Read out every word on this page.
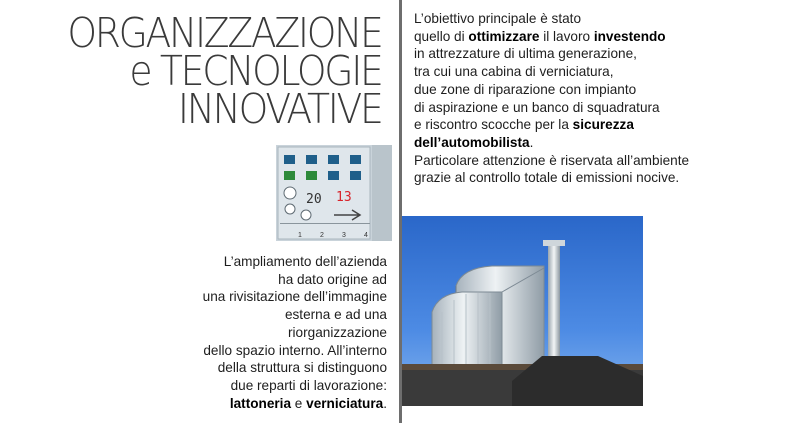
ORGANIZZAZIONE
e TECNOLOGIE
INNOVATIVE

L’obiettivo principale è stato
quello di ottimizzare il lavoro investendo
in attrezzature di ultima generazione,
tra cui una cabina di verniciatura,
due zone di riparazione con impianto
di aspirazione e un banco di squadratura
e riscontro scocche per la sicurezza
dell’automobilista.
Particolare attenzione è riservata all’ambiente
grazie al controllo totale di emissioni nocive.

L’ampliamento dell’azienda
ha dato origine ad
una rivisitazione dell’immagine
esterna e ad una riorganizzazione
dello spazio interno. All’interno
della struttura si distinguono
due reparti di lavorazione:
lattoneria e verniciatura.

20 13
1	2	3	4
